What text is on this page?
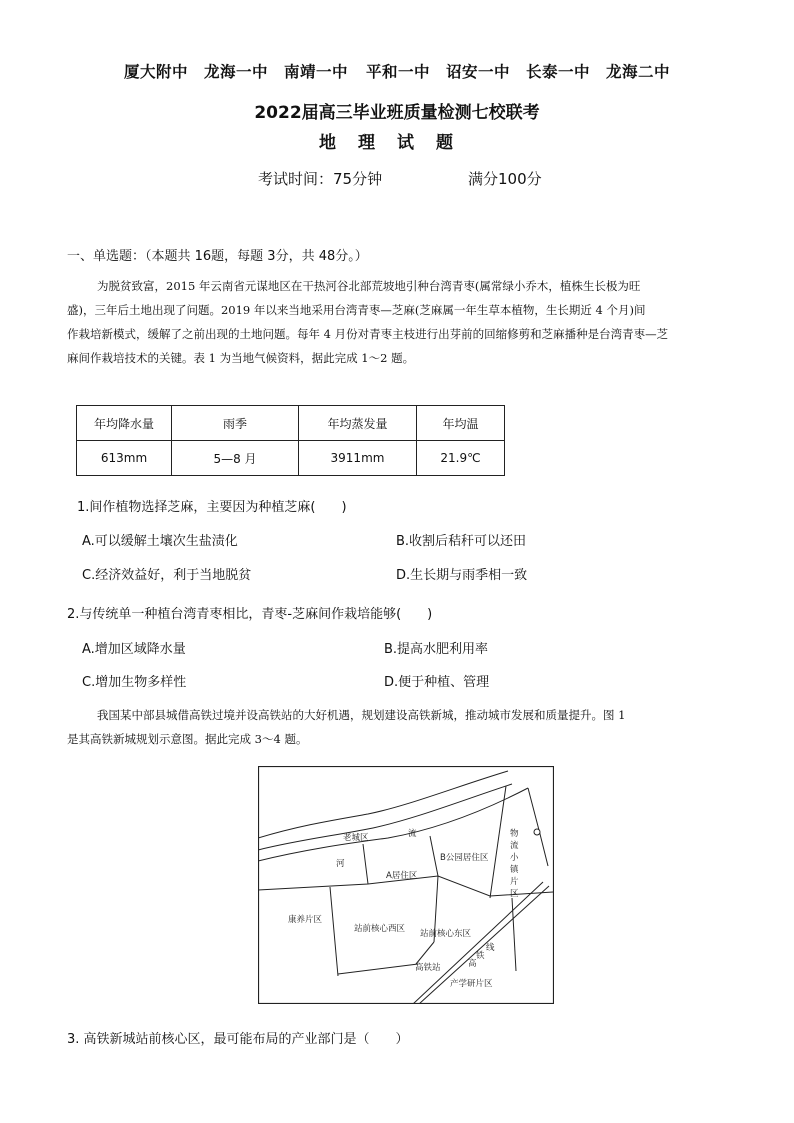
厦大附中　龙海一中　南靖一中 平和一中　诏安一中　长泰一中　龙海二中
2022届高三毕业班质量检测七校联考
地理试题
考试时间：75分钟	满分100分
一、单选题：（本题共 16题，每题 3分，共 48分。）
为脱贫致富，2015 年云南省元谋地区在干热河谷北部荒坡地引种台湾青枣(属常绿小乔木，植株生长极为旺
盛)，三年后土地出现了问题。2019 年以来当地采用台湾青枣—芝麻(芝麻属一年生草本植物，生长期近 4 个月)间
作栽培新模式，缓解了之前出现的土地问题。每年 4 月份对青枣主枝进行出芽前的回缩修剪和芝麻播种是台湾青枣—芝
麻间作栽培技术的关键。表 1 为当地气候资料，据此完成 1～2 题。
年均降水量	雨季	年均蒸发量	年均温
613mm	5—8 月	3911mm	21.9℃
1.间作植物选择芝麻，主要因为种植芝麻(　　)
A.可以缓解土壤次生盐渍化	B.收割后秸秆可以还田
C.经济效益好，利于当地脱贫	D.生长期与雨季相一致
2.与传统单一种植台湾青枣相比，青枣-芝麻间作栽培能够(　　)
A.增加区域降水量	B.提高水肥利用率
C.增加生物多样性	D.便于种植、管理
我国某中部县城借高铁过境并设高铁站的大好机遇，规划建设高铁新城，推动城市发展和质量提升。图 1
是其高铁新城规划示意图。据此完成 3～4 题。
老城区
河
流
A居住区
B公园居住区
物
流
小
镇
片
区
康养片区
站前核心西区 站前核心东区
高铁站
线
铁
高
产学研片区
3. 高铁新城站前核心区，最可能布局的产业部门是（　　）
